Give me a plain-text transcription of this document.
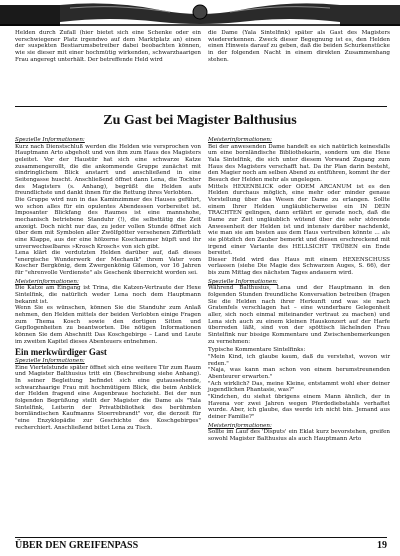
Helden durch Zufall (hier bietet sich eine Schenke oder ein verschwiegener Platz irgendwo auf dem Marktplatz an) einen der suspekten Bestiarumsbetreiber dabei beobachten können, wie sie dieser mit einer hochmütig wirkenden, schwarzhaarigen Frau angeregt unterhält. Der betreffende Held wird

die Dame (Yala Sintelfink) später als Gast des Magisters wiedererkennen. Zweck dieser Begegnung ist es, den Helden einen Hinweis darauf zu geben, daß die beiden Schurkenstücke in der folgenden Nacht in einem direkten Zusammenhang stehen.

Zu Gast bei Magister Balthusius

Spezielle Informationen:

Kurz nach Dienstschluß werden die Helden wie versprochen von Hauptmann Arto abgeholt und von ihm zum Haus des Magisters geleitet. Vor der Haustür hat sich eine schwarze Katze zusammengerollt, die die ankommende Gruppe zunächst mit eindringlichem Blick anstarrt und anschließend in eine Seitengasse huscht. Anschließend öffnet dann Lena, die Tochter des Magisters (s. Anhang), begrüßt die Helden aufs freundlichste und dankt ihnen für die Rettung ihres Verlobten.

Die Gruppe wird nun in das Kaminzimmer des Hauses geführt, wo schon alles für ein opulentes Abendessen vorbereitet ist. Imposanter Blickfang des Raumes ist eine mannshohe, mechanisch betriebene Standuhr (!), die selbsttätig die Zeit anzeigt. Doch nicht nur das, zu jeder vollen Stunde öffnet sich über dem mit Symbolen aller Zwölfgötter versehenen Zifferblatt eine Klappe, aus der eine hölzerne Koschammer hüpft und ihr unverwechselbares »Krosch Krosch« von sich gibt.

Lena klärt die verdutzten Helden darüber auf, daß dieses "energische Wunderwerk der Mechanik" ihrem Vater vom Koscher Bergkönig, dem Zwergenkönig Gilemon, vor 16 Jahren für "ehrenvolle Verdienste" als Geschenk überreicht worden sei.

Meisterinformationen:

Die Katze am Eingang ist Trina, die Katzen-Vertraute der Hexe Sintelfink, die natürlich weder Lena noch dem Hauptmann bekannt ist.

Wenn Sie es wünschen, können Sie die Standuhr zum Anlaß nehmen, den Helden mittels der beiden Verlobten einige Fragen zum Thema Kosch sowie den dortigen Sitten und Gepflogenheiten zu beantworten. Die nötigen Informationen können Sie dem Abschnitt Das Koschgebirge – Land und Leute im zweiten Kapitel dieses Abenteuers entnehmen.

Ein merkwürdiger Gast

Spezielle Informationen:

Eine Viertelstunde später öffnet sich eine weitere Tür zum Raum und Magister Balthusius tritt ein (Beschreibung siehe Anhang). In seiner Begleitung befindet sich eine gutaussehende, schwarzhaarige Frau mit hochmütigem Blick, die beim Anblick der Helden fragend eine Augenbraue hochzieht. Bei der nun folgenden Begrüßung stellt der Magister die Dame als "Yala Sintelfink, Leiterin der Privatbibliothek des berühmten bornländischen Kaufmanns Stoerrebrandt" vor, die derzeit für "eine Enzyklopädie zur Geschichte des Koschgebirges" recherchiert. Anschließend bittet Lena zu Tisch.

Meisterinformationen:

Bei der anwesenden Dame handelt es sich natürlich keinesfalls um eine bornländische Bibliothekarin, sondern um die Hexe Yala Sintelfink, die sich unter diesem Vorwand Zugang zum Haus des Magisters verschafft hat. Da ihr Plan darin besteht, den Magier noch am selben Abend zu entführen, kommt ihr der Besuch der Helden mehr als ungelegen.

Mittels HEXENBLICK oder ODEM ARCANUM ist es den Helden durchaus möglich, eine mehr oder minder genaue Vorstellung über das Wesen der Dame zu erlangen. Sollte einem Ihrer Helden ungläublicherweise ein IN DEIN TRACHTEN gelingen, dann erfährt er gerade noch, daß die Dame zur Zeit ungläublich wütend über die sehr störende Anwesenheit der Helden ist und intensiv darüber nachdenkt, wie man sie am besten aus dem Haus vertreiben könnte ... als sie plötzlich den Zauber bemerkt und diesen erschreckend mit irgend einer Variante des HELLSICHT TRÜBEN ein Ende bereitet.

Dieser Held wird das Haus mit einem HEXENSCHUSS verlassen (siehe Die Magie des Schwarzen Auges, S. 66), der bis zum Mittag des nächsten Tages andauern wird.

Spezielle Informationen:

Während Balthusius, Lena und der Hauptmann in den folgenden Stunden freundliche Konversation betreiben (fragen Sie die Helden nach ihrer Herkunft und was sie nach Gratenfels verschlagen hat – eine wunderbare Gelegenheit aller, sich noch einmal miteinander vertraut zu machen) und Lena sich auch zu einem kleinen Hauskonzert auf der Harfe überreden läßt, sind von der spöttisch lächelnden Frau Sintelfink nur bissige Kommentare und Zwischenbemerkungen zu vernehmen:

Typische Kommentare Sintelfinks:

"Mein Kind, ich glaube kaum, daß du verstehst, wovon wir reden."

"Naja, was kann man schon von einem herumstreunenden Abenteurer erwarten."

"Ach wirklich? Das, meine Kleine, entstammt wohl eher deiner jugendlichen Phantasie, was?"

"Kindchen, du siehst übrigens einem Mann ähnlich, der in Havena vor zwei Jahren wegen Pferdediebstahls verhaftet wurde. Aber, ich glaube, das werde ich nicht bin. Jemand aus deiner Familie?"

Meisterinformationen:

Sollte im Lauf des 'Disputs' ein Eklat kurz bevorstehen, greifen sowohl Magister Balthusius als auch Hauptmann Arto

ÜBER DEN GREIFENPASS	19
